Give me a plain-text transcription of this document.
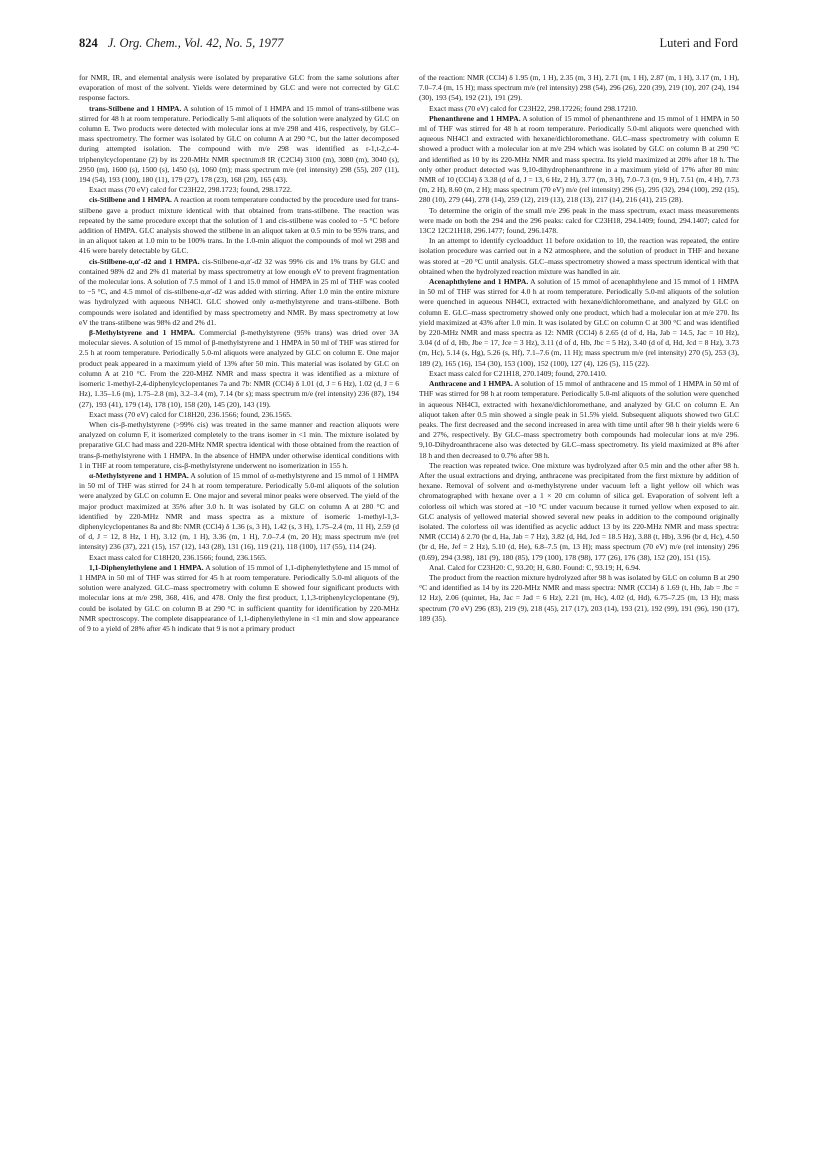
824 J. Org. Chem., Vol. 42, No. 5, 1977	Luteri and Ford

for NMR, IR, and elemental analysis were isolated by preparative GLC from the same solutions after evaporation of most of the solvent. Yields were determined by GLC and were not corrected by GLC response factors.

trans-Stilbene and 1 HMPA. A solution of 15 mmol of 1 HMPA and 15 mmol of trans-stilbene was stirred for 48 h at room temperature. Periodically 5-ml aliquots of the solution were analyzed by GLC on column E. Two products were detected with molecular ions at m/e 298 and 416, respectively, by GLC–mass spectrometry. The former was isolated by GLC on column A at 290 °C, but the latter decomposed during attempted isolation. The compound with m/e 298 was identified as r-1,t-2,c-4-triphenylcyclopentane (2) by its 220-MHz NMR spectrum:8 IR (C2Cl4) 3100 (m), 3080 (m), 3040 (s), 2950 (m), 1600 (s), 1500 (s), 1450 (s), 1060 (m); mass spectrum m/e (rel intensity) 298 (55), 207 (11), 194 (54), 193 (100), 180 (11), 179 (27), 178 (23), 168 (20), 165 (43).

Exact mass (70 eV) calcd for C23H22, 298.1723; found, 298.1722.

cis-Stilbene and 1 HMPA. A reaction at room temperature conducted by the procedure used for trans-stilbene gave a product mixture identical with that obtained from trans-stilbene. The reaction was repeated by the same procedure except that the solution of 1 and cis-stilbene was cooled to −5 °C before addition of HMPA. GLC analysis showed the stilbene in an aliquot taken at 0.5 min to be 95% trans, and in an aliquot taken at 1.0 min to be 100% trans. In the 1.0-min aliquot the compounds of mol wt 298 and 416 were barely detectable by GLC.

cis-Stilbene-α,α′-d2 and 1 HMPA. cis-Stilbene-α,α′-d2 32 was 99% cis and 1% trans by GLC and contained 98% d2 and 2% d1 material by mass spectrometry at low enough eV to prevent fragmentation of the molecular ions. A solution of 7.5 mmol of 1 and 15.0 mmol of HMPA in 25 ml of THF was cooled to −5 °C, and 4.5 mmol of cis-stilbene-α,α′-d2 was added with stirring. After 1.0 min the entire mixture was hydrolyzed with aqueous NH4Cl. GLC showed only α-methylstyrene and trans-stilbene. Both compounds were isolated and identified by mass spectrometry and NMR. By mass spectrometry at low eV the trans-stilbene was 98% d2 and 2% d1.

β-Methylstyrene and 1 HMPA. Commercial β-methylstyrene (95% trans) was dried over 3A molecular sieves. A solution of 15 mmol of β-methylstyrene and 1 HMPA in 50 ml of THF was stirred for 2.5 h at room temperature. Periodically 5.0-ml aliquots were analyzed by GLC on column E. One major product peak appeared in a maximum yield of 13% after 50 min. This material was isolated by GLC on column A at 210 °C. From the 220-MHZ NMR and mass spectra it was identified as a mixture of isomeric 1-methyl-2,4-diphenylcyclopentanes 7a and 7b: NMR (CCl4) δ 1.01 (d, J = 6 Hz), 1.02 (d, J = 6 Hz), 1.35–1.6 (m), 1.75–2.8 (m), 3.2–3.4 (m), 7.14 (br s); mass spectrum m/e (rel intensity) 236 (87), 194 (27), 193 (41), 179 (14), 178 (10), 158 (20), 145 (20), 143 (19).

Exact mass (70 eV) calcd for C18H20, 236.1566; found, 236.1565.

When cis-β-methylstyrene (>99% cis) was treated in the same manner and reaction aliquots were analyzed on column F, it isomerized completely to the trans isomer in <1 min. The mixture isolated by preparative GLC had mass and 220-MHz NMR spectra identical with those obtained from the reaction of trans-β-methylstyrene with 1 HMPA. In the absence of HMPA under otherwise identical conditions with 1 in THF at room temperature, cis-β-methylstyrene underwent no isomerization in 155 h.

α-Methylstyrene and 1 HMPA. A solution of 15 mmol of α-methylstyrene and 15 mmol of 1 HMPA in 50 ml of THF was stirred for 24 h at room temperature. Periodically 5.0-ml aliquots of the solution were analyzed by GLC on column E. One major and several minor peaks were observed. The yield of the major product maximized at 35% after 3.0 h. It was isolated by GLC on column A at 280 °C and identified by 220-MHz NMR and mass spectra as a mixture of isomeric 1-methyl-1,3-diphenylcyclopentanes 8a and 8b: NMR (CCl4) δ 1.36 (s, 3 H), 1.42 (s, 3 H), 1.75–2.4 (m, 11 H), 2.59 (d of d, J = 12, 8 Hz, 1 H), 3.12 (m, 1 H), 3.36 (m, 1 H), 7.0–7.4 (m, 20 H); mass spectrum m/e (rel intensity) 236 (37), 221 (15), 157 (12), 143 (28), 131 (16), 119 (21), 118 (100), 117 (55), 114 (24).

Exact mass calcd for C18H20, 236.1566; found, 236.1565.

1,1-Diphenylethylene and 1 HMPA. A solution of 15 mmol of 1,1-diphenylethylene and 15 mmol of 1 HMPA in 50 ml of THF was stirred for 45 h at room temperature. Periodically 5.0-ml aliquots of the solution were analyzed. GLC–mass spectrometry with column E showed four significant products with molecular ions at m/e 298, 368, 416, and 478. Only the first product, 1,1,3-triphenylcyclopentane (9), could be isolated by GLC on column B at 290 °C in sufficient quantity for identification by 220-MHz NMR spectroscopy. The complete disappearance of 1,1-diphenylethylene in <1 min and slow appearance of 9 to a yield of 28% after 45 h indicate that 9 is not a primary product

of the reaction: NMR (CCl4) δ 1.95 (m, 1 H), 2.35 (m, 3 H), 2.71 (m, 1 H), 2.87 (m, 1 H), 3.17 (m, 1 H), 7.0–7.4 (m, 15 H); mass spectrum m/e (rel intensity) 298 (54), 296 (26), 220 (39), 219 (10), 207 (24), 194 (30), 193 (54), 192 (21), 191 (29).

Exact mass (70 eV) calcd for C23H22, 298.17226; found 298.17210.

Phenanthrene and 1 HMPA. A solution of 15 mmol of phenanthrene and 15 mmol of 1 HMPA in 50 ml of THF was stirred for 48 h at room temperature. Periodically 5.0-ml aliquots were quenched with aqueous NH4Cl and extracted with hexane/dichloromethane. GLC–mass spectrometry with column E showed a product with a molecular ion at m/e 294 which was isolated by GLC on column B at 290 °C and identified as 10 by its 220-MHz NMR and mass spectra. Its yield maximized at 20% after 18 h. The only other product detected was 9,10-dihydrophenanthrene in a maximum yield of 17% after 80 min: NMR of 10 (CCl4) δ 3.38 (d of d, J = 13, 6 Hz, 2 H), 3.77 (m, 3 H), 7.0–7.3 (m, 9 H), 7.51 (m, 4 H), 7.73 (m, 2 H), 8.60 (m, 2 H); mass spectrum (70 eV) m/e (rel intensity) 296 (5), 295 (32), 294 (100), 292 (15), 280 (10), 279 (44), 278 (14), 259 (12), 219 (13), 218 (13), 217 (14), 216 (41), 215 (28).

To determine the origin of the small m/e 296 peak in the mass spectrum, exact mass measurements were made on both the 294 and the 296 peaks: calcd for C23H18, 294.1409; found, 294.1407; calcd for 13C2 12C21H18, 296.1477; found, 296.1478.

In an attempt to identify cycloadduct 11 before oxidation to 10, the reaction was repeated, the entire isolation procedure was carried out in a N2 atmosphere, and the solution of product in THF and hexane was stored at −20 °C until analysis. GLC–mass spectrometry showed a mass spectrum identical with that obtained when the hydrolyzed reaction mixture was handled in air.

Acenaphthylene and 1 HMPA. A solution of 15 mmol of acenaphthylene and 15 mmol of 1 HMPA in 50 ml of THF was stirred for 4.0 h at room temperature. Periodically 5.0-ml aliquots of the solution were quenched in aqueous NH4Cl, extracted with hexane/dichloromethane, and analyzed by GLC on column E. GLC–mass spectrometry showed only one product, which had a molecular ion at m/e 270. Its yield maximized at 43% after 1.0 min. It was isolated by GLC on column C at 300 °C and was identified by 220-MHz NMR and mass spectra as 12: NMR (CCl4) δ 2.65 (d of d, Ha, Jab = 14.5, Jac = 10 Hz), 3.04 (d of d, Hb, Jbe = 17, Jce = 3 Hz), 3.11 (d of d, Hb, Jbc = 5 Hz), 3.40 (d of d, Hd, Jcd = 8 Hz), 3.73 (m, Hc), 5.14 (s, Hg), 5.26 (s, Hf), 7.1–7.6 (m, 11 H); mass spectrum m/e (rel intensity) 270 (5), 253 (3), 189 (2), 165 (16), 154 (30), 153 (100), 152 (100), 127 (4), 126 (5), 115 (22).

Exact mass calcd for C21H18, 270.1409; found, 270.1410.

Anthracene and 1 HMPA. A solution of 15 mmol of anthracene and 15 mmol of 1 HMPA in 50 ml of THF was stirred for 98 h at room temperature. Periodically 5.0-ml aliquots of the solution were quenched in aqueous NH4Cl, extracted with hexane/dichloromethane, and analyzed by GLC on column E. An aliquot taken after 0.5 min showed a single peak in 51.5% yield. Subsequent aliquots showed two GLC peaks. The first decreased and the second increased in area with time until after 98 h their yields were 6 and 27%, respectively. By GLC–mass spectrometry both compounds had molecular ions at m/e 296. 9,10-Dihydroanthracene also was detected by GLC–mass spectrometry. Its yield maximized at 8% after 18 h and then decreased to 0.7% after 98 h.

The reaction was repeated twice. One mixture was hydrolyzed after 0.5 min and the other after 98 h. After the usual extractions and drying, anthracene was precipitated from the first mixture by addition of hexane. Removal of solvent and α-methylstyrene under vacuum left a light yellow oil which was chromatographed with hexane over a 1 × 20 cm column of silica gel. Evaporation of solvent left a colorless oil which was stored at −10 °C under vacuum because it turned yellow when exposed to air. GLC analysis of yellowed material showed several new peaks in addition to the compound originally isolated. The colorless oil was identified as acyclic adduct 13 by its 220-MHz NMR and mass spectra: NMR (CCl4) δ 2.70 (br d, Ha, Jab = 7 Hz), 3.82 (d, Hd, Jcd = 18.5 Hz), 3.88 (t, Hb), 3.96 (br d, Hc), 4.50 (br d, He, Jef = 2 Hz), 5.10 (d, He), 6.8–7.5 (m, 13 H); mass spectrum (70 eV) m/e (rel intensity) 296 (0.69), 294 (3.98), 181 (9), 180 (85), 179 (100), 178 (98), 177 (26), 176 (38), 152 (20), 151 (15).

Anal. Calcd for C23H20: C, 93.20; H, 6.80. Found: C, 93.19; H, 6.94.

The product from the reaction mixture hydrolyzed after 98 h was isolated by GLC on column B at 290 °C and identified as 14 by its 220-MHz NMR and mass spectra: NMR (CCl4) δ 1.69 (t, Hb, Jab = Jbc = 12 Hz), 2.06 (quintet, Ha, Jac = Jad = 6 Hz), 2.21 (m, Hc), 4.02 (d, Hd), 6.75–7.25 (m, 13 H); mass spectrum (70 eV) 296 (83), 219 (9), 218 (45), 217 (17), 203 (14), 193 (21), 192 (99), 191 (96), 190 (17), 189 (35).
